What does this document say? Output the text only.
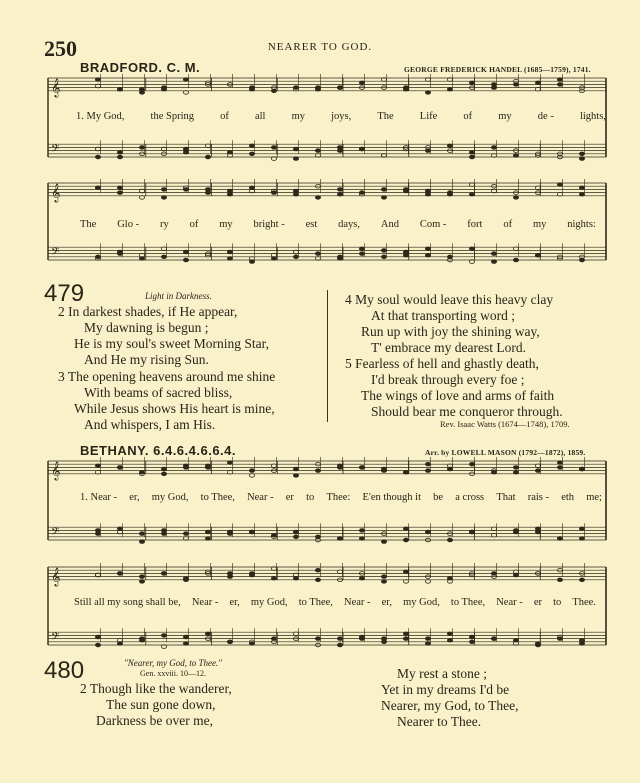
250	NEARER TO GOD.
BRADFORD. C. M.	GEORGE FREDERICK HANDEL (1685—1759), 1741.
𝄞
𝄢
1. My God, the Spring of all my joys, The Life of my de - lights,
𝄞
𝄢
The Glo - ry of my bright - est days, And Com - fort of my nights:
479	Light in Darkness.
2 In darkest shades, if He appear,
My dawning is begun ;
He is my soul's sweet Morning Star,
And He my rising Sun.
3 The opening heavens around me shine
With beams of sacred bliss,
While Jesus shows His heart is mine,
And whispers, I am His.
4 My soul would leave this heavy clay
At that transporting word ;
Run up with joy the shining way,
T' embrace my dearest Lord.
5 Fearless of hell and ghastly death,
I'd break through every foe ;
The wings of love and arms of faith
Should bear me conqueror through.
Rev. Isaac Watts (1674—1748), 1709.
BETHANY. 6.4.6.4.6.6.4.	Arr. by LOWELL MASON (1792—1872), 1859.
𝄞
𝄢
1. Near - er, my God, to Thee, Near - er to Thee: E'en though it be a cross That rais - eth me;
𝄞
𝄢
Still all my song shall be, Near - er, my God, to Thee, Near - er, my God, to Thee, Near - er to Thee.
480	"Nearer, my God, to Thee."
Gen. xxviii. 10—12.
2 Though like the wanderer,
The sun gone down,
Darkness be over me,
My rest a stone ;
Yet in my dreams I'd be
Nearer, my God, to Thee,
Nearer to Thee.
